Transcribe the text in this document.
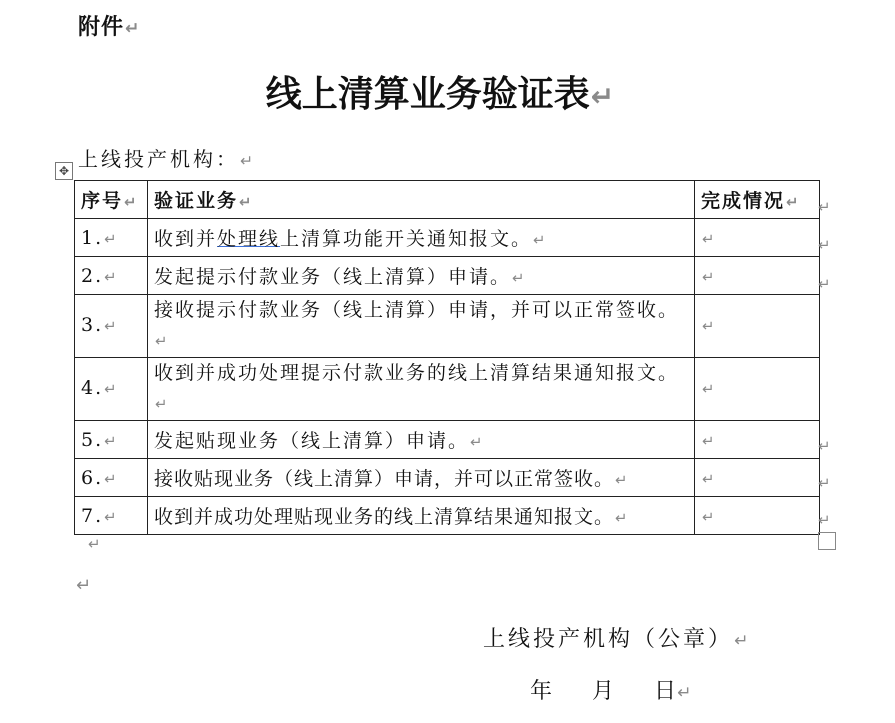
附件↵
线上清算业务验证表↵
上线投产机构：↵
✥
序号↵	验证业务↵	完成情况↵
1.↵	收到并处理线上清算功能开关通知报文。↵	↵
2.↵	发起提示付款业务（线上清算）申请。↵	↵
3.↵	接收提示付款业务（线上清算）申请，并可以正常签收。↵	↵
4.↵	收到并成功处理提示付款业务的线上清算结果通知报文。↵	↵
5.↵	发起贴现业务（线上清算）申请。↵	↵
6.↵	接收贴现业务（线上清算）申请，并可以正常签收。↵	↵
7.↵	收到并成功处理贴现业务的线上清算结果通知报文。↵	↵
↵
↵
↵
↵
↵
↵
↵
↵
上线投产机构（公章）↵
年 月 日↵
